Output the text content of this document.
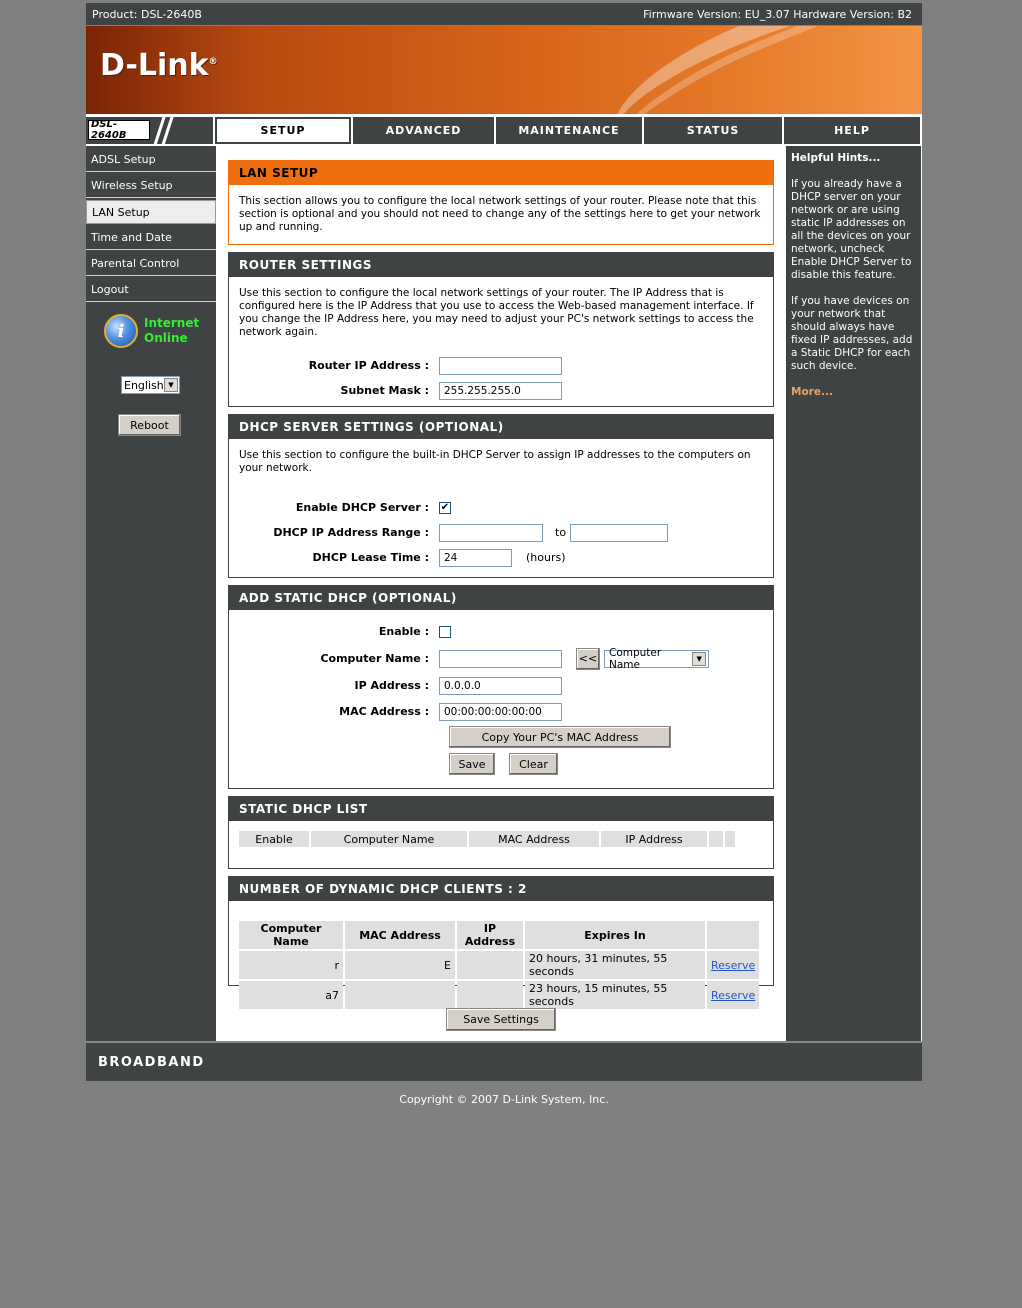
Product: DSL-2640B	Firmware Version: EU_3.07 Hardware Version: B2
D-Link®
DSL-2640B	SETUP	ADVANCED	MAINTENANCE	STATUS	HELP
ADSL Setup
Wireless Setup
LAN Setup
Time and Date
Parental Control
Logout
i	Internet
Online
English ▼
Reboot
LAN SETUP
This section allows you to configure the local network settings of your router. Please note that this section is optional and you should not need to change any of the settings here to get your network up and running.
ROUTER SETTINGS
Use this section to configure the local network settings of your router. The IP Address that is configured here is the IP Address that you use to access the Web-based management interface. If you change the IP Address here, you may need to adjust your PC's network settings to access the network again.
Router IP Address :
Subnet Mask :	255.255.255.0
DHCP SERVER SETTINGS (OPTIONAL)
Use this section to configure the built-in DHCP Server to assign IP addresses to the computers on your network.
Enable DHCP Server :	✔
DHCP IP Address Range :	to
DHCP Lease Time :	24	(hours)
ADD STATIC DHCP (OPTIONAL)
Enable :
Computer Name :	<< Computer Name	▼
IP Address :	0.0.0.0
MAC Address :	00:00:00:00:00:00
Copy Your PC's MAC Address
Save	Clear
STATIC DHCP LIST
Enable	Computer Name	MAC Address	IP Address		
NUMBER OF DYNAMIC DHCP CLIENTS : 2
Computer Name	MAC Address	IP Address	Expires In	
r	E		20 hours, 31 minutes, 55 seconds	Reserve
a7			23 hours, 15 minutes, 55 seconds	Reserve
Save Settings
Helpful Hints...

If you already have a DHCP server on your network or are using static IP addresses on all the devices on your network, uncheck Enable DHCP Server to disable this feature.

If you have devices on your network that should always have fixed IP addresses, add a Static DHCP for each such device.

More...
BROADBAND
Copyright © 2007 D-Link System, Inc.
